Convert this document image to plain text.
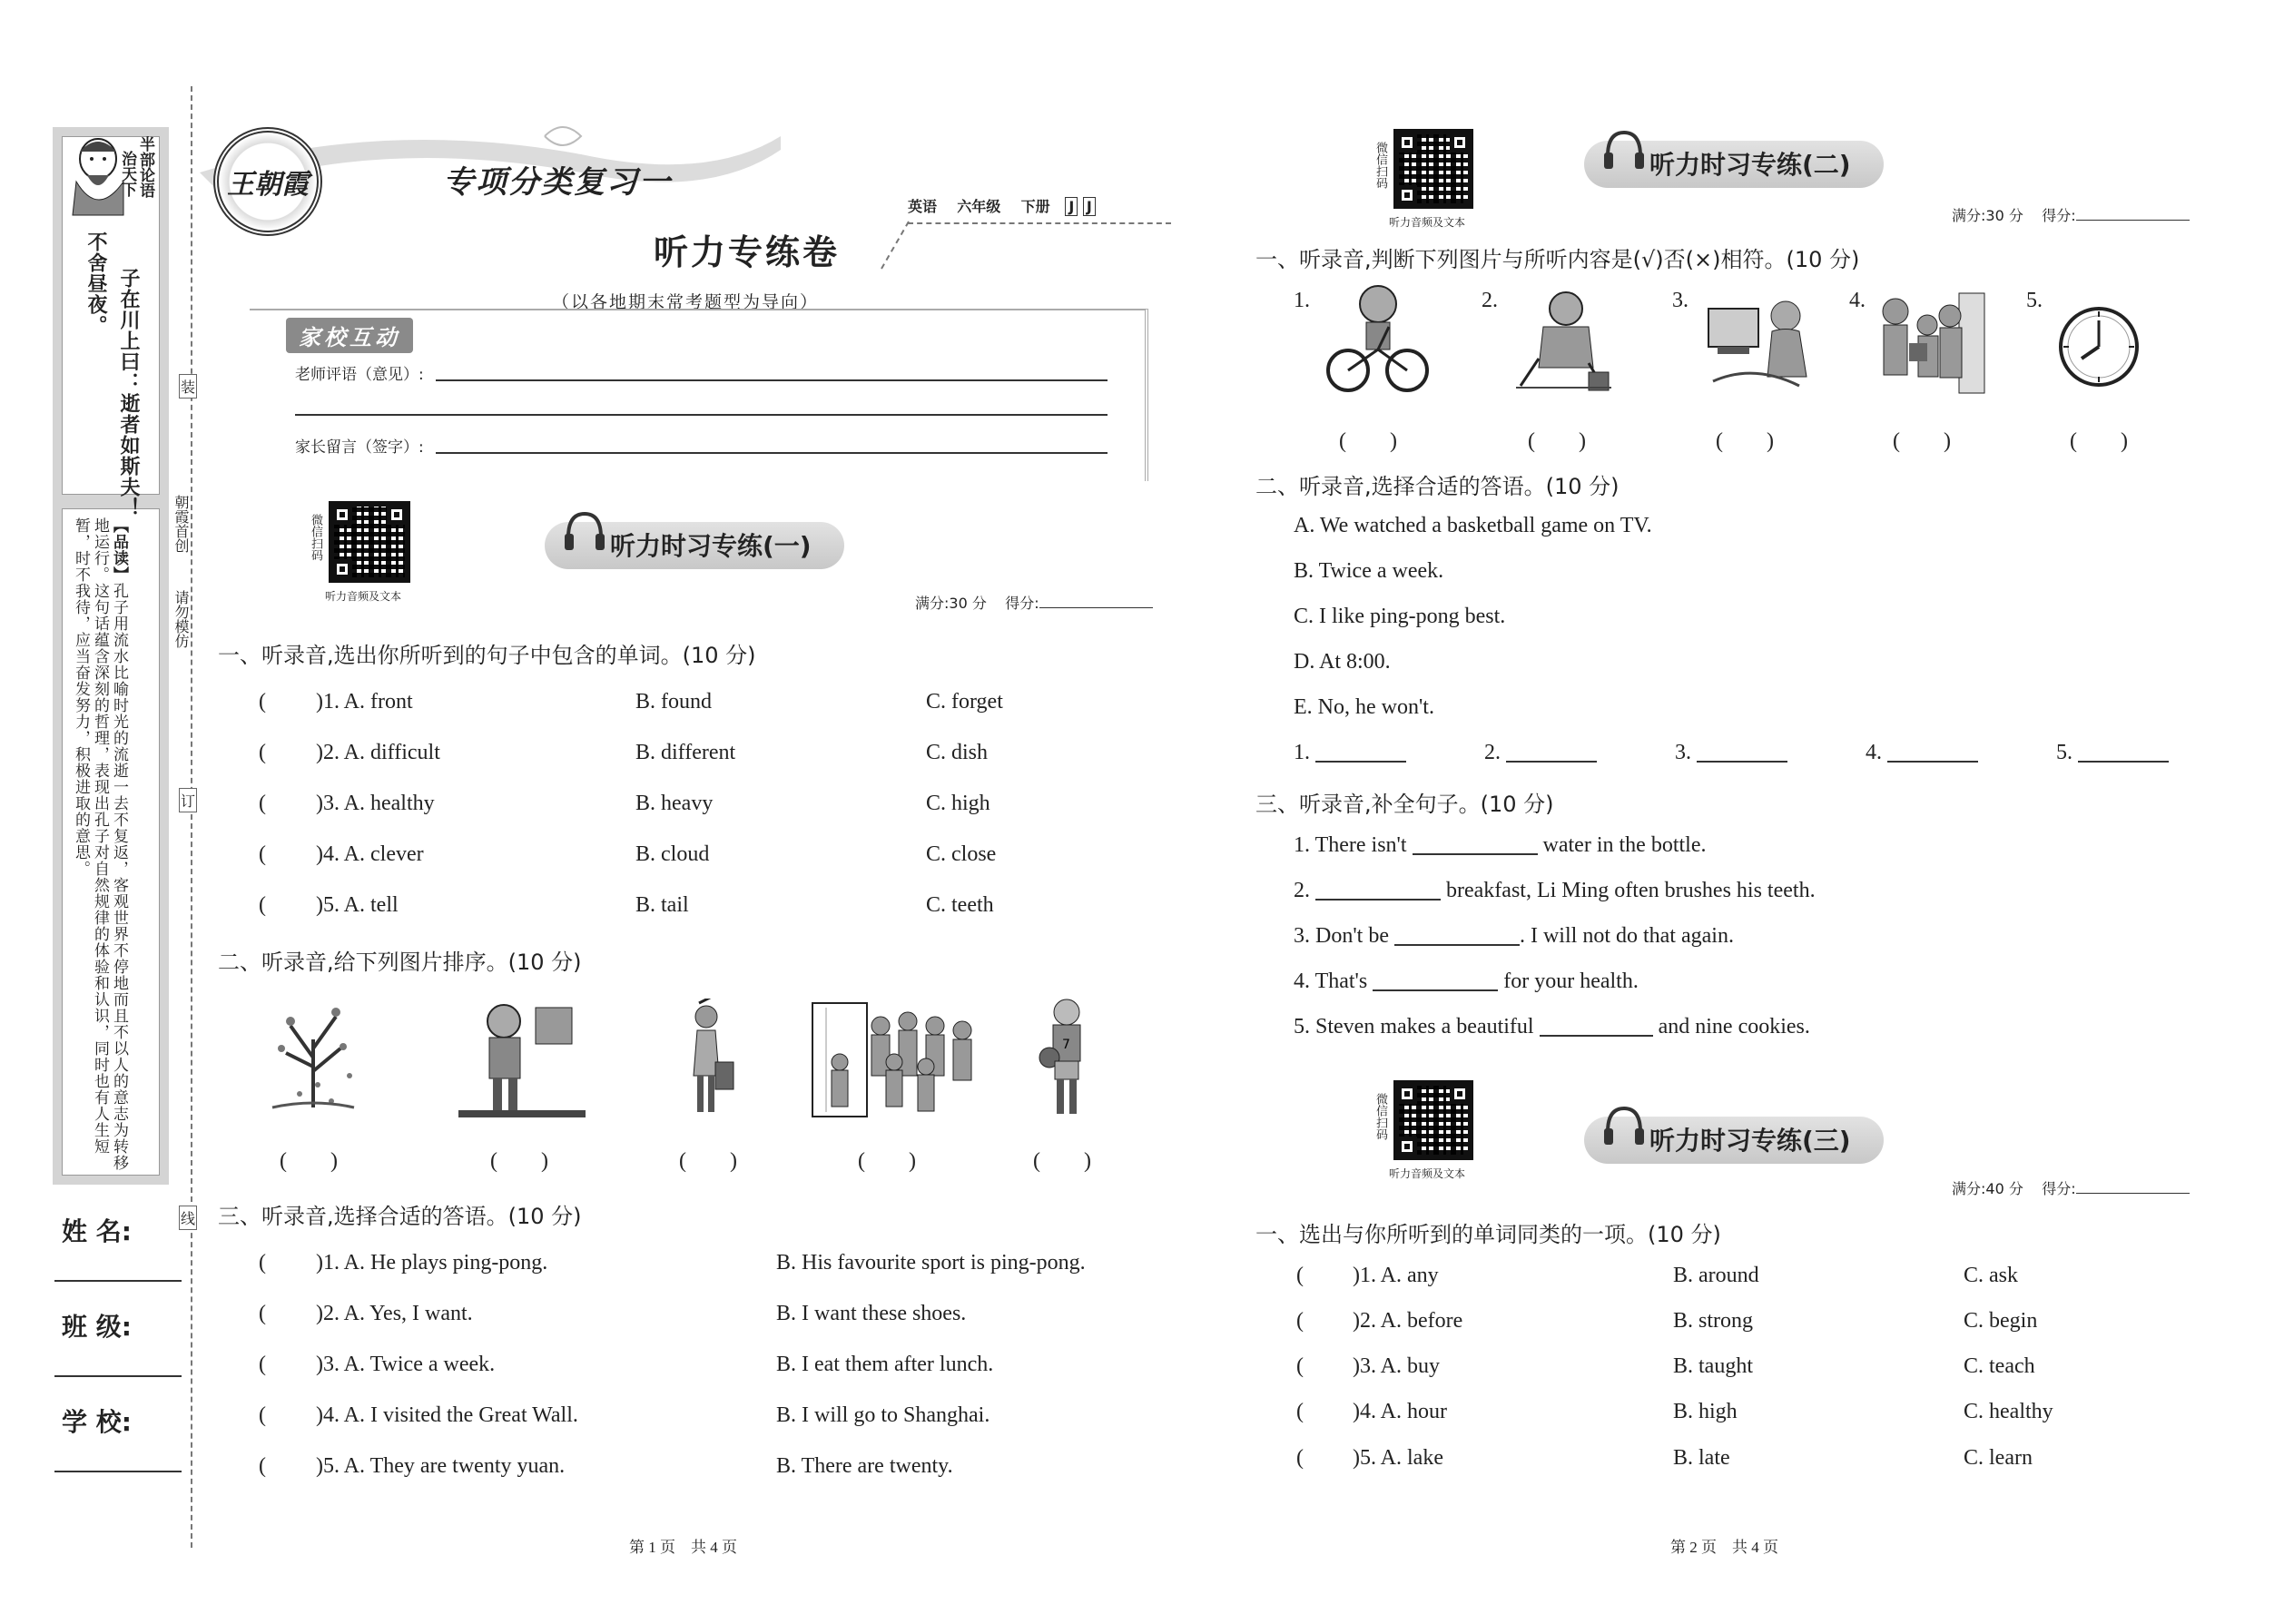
半部论语
治天下
子在川上曰：逝者如斯夫！
不舍昼夜。
【品读】孔子用流水比喻时光的流逝一去不复返，客观世界不停地而且不以人的意志为转移地运行。这句话蕴含深刻的哲理，表现出孔子对自然规律的体验和认识，同时也有人生短暂，时不我待，应当奋发努力，积极进取的意思。
姓 名:
班 级:
学 校:
装
订
线
朝霞首创
请勿模仿
王朝霞	专项分类复习一
英语 六年级 下册 J J
听力专练卷
（以各地期末常考题型为导向）
家校互动
老师评语（意见）:
家长留言（签字）:
微信扫码
听力音频及文本
听力时习专练(一)
满分:30 分 得分:
一、听录音,选出你所听到的句子中包含的单词。(10 分)
( )1. A. front	B. found	C. forget
( )2. A. difficult	B. different	C. dish
( )3. A. healthy	B. heavy	C. high
( )4. A. clever	B. cloud	C. close
( )5. A. tell	B. tail	C. teeth
二、听录音,给下列图片排序。(10 分)
7
(　　)	(　　)	(　　)	(　　)	(　　)
三、听录音,选择合适的答语。(10 分)
( )1. A. He plays ping-pong.	B. His favourite sport is ping-pong.
( )2. A. Yes, I want.	B. I want these shoes.
( )3. A. Twice a week.	B. I eat them after lunch.
( )4. A. I visited the Great Wall.	B. I will go to Shanghai.
( )5. A. They are twenty yuan.	B. There are twenty.
第 1 页　共 4 页
微信扫码
听力音频及文本
听力时习专练(二)
满分:30 分 得分:
一、听录音,判断下列图片与所听内容是(√)否(×)相符。(10 分)
1.	2.	3.	4.	5.
(　　)	(　　)	(　　)	(　　)	(　　)
二、听录音,选择合适的答语。(10 分)
A. We watched a basketball game on TV.
B. Twice a week.
C. I like ping-pong best.
D. At 8:00.
E. No, he won't.
1.	2.	3.	4.	5.
三、听录音,补全句子。(10 分)
1. There isn't	water in the bottle.
2.	breakfast, Li Ming often brushes his teeth.
3. Don't be	. I will not do that again.
4. That's	for your health.
5. Steven makes a beautiful	and nine cookies.
微信扫码
听力音频及文本
听力时习专练(三)
满分:40 分 得分:
一、选出与你所听到的单词同类的一项。(10 分)
( )1. A. any	B. around	C. ask
( )2. A. before	B. strong	C. begin
( )3. A. buy	B. taught	C. teach
( )4. A. hour	B. high	C. healthy
( )5. A. lake	B. late	C. learn
第 2 页　共 4 页
